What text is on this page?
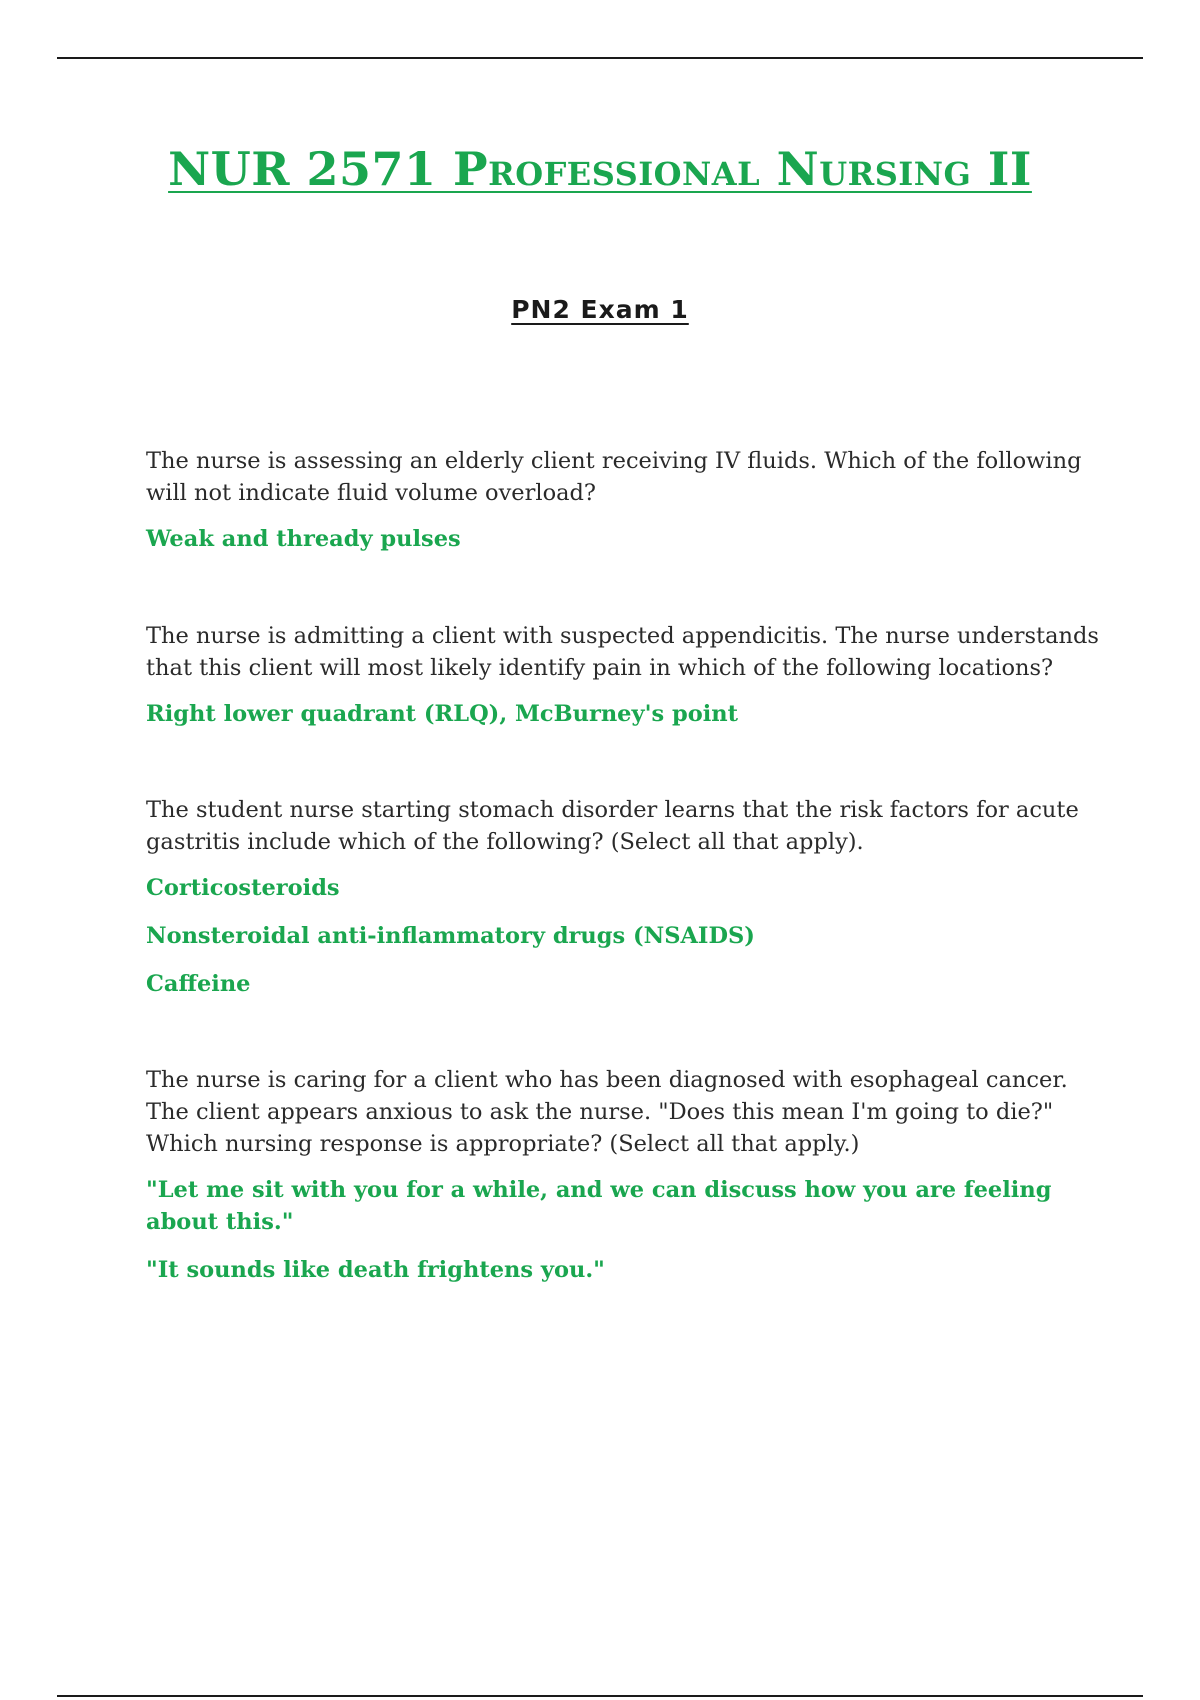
NUR 2571 Professional Nursing II
PN2 Exam 1

The nurse is assessing an elderly client receiving IV fluids. Which of the following will not indicate fluid volume overload?

Weak and thready pulses

The nurse is admitting a client with suspected appendicitis. The nurse understands that this client will most likely identify pain in which of the following locations?

Right lower quadrant (RLQ), McBurney's point

The student nurse starting stomach disorder learns that the risk factors for acute gastritis include which of the following? (Select all that apply).

Corticosteroids

Nonsteroidal anti-inflammatory drugs (NSAIDS)

Caffeine

The nurse is caring for a client who has been diagnosed with esophageal cancer. The client appears anxious to ask the nurse. "Does this mean I'm going to die?" Which nursing response is appropriate? (Select all that apply.)

"Let me sit with you for a while, and we can discuss how you are feeling about this."

"It sounds like death frightens you."
